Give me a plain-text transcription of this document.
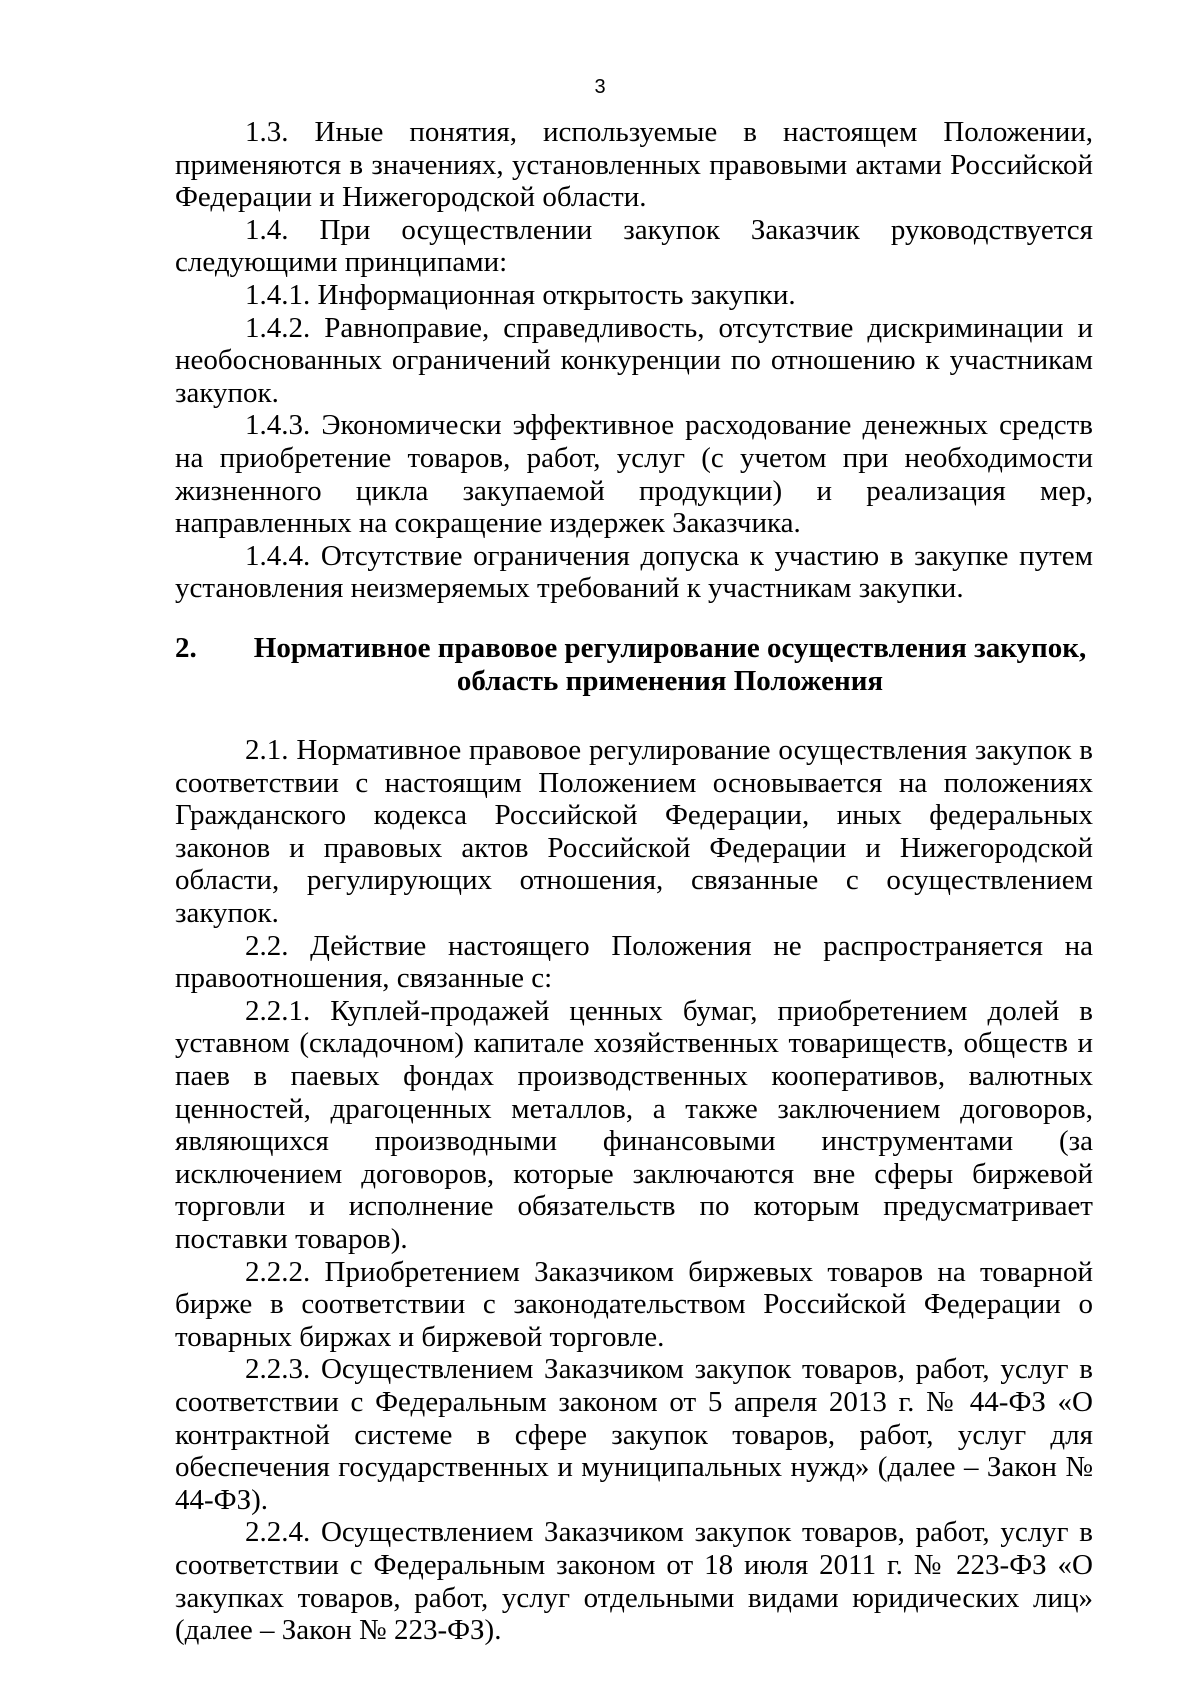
3

1.3. Иные понятия, используемые в настоящем Положении, применяются в значениях, установленных правовыми актами Российской Федерации и Нижегородской области.

1.4. При осуществлении закупок Заказчик руководствуется следующими принципами:

1.4.1. Информационная открытость закупки.

1.4.2. Равноправие, справедливость, отсутствие дискриминации и необоснованных ограничений конкуренции по отношению к участникам закупок.

1.4.3. Экономически эффективное расходование денежных средств на приобретение товаров, работ, услуг (с учетом при необходимости жизненного цикла закупаемой продукции) и реализация мер, направленных на сокращение издержек Заказчика.

1.4.4. Отсутствие ограничения допуска к участию в закупке путем установления неизмеряемых требований к участникам закупки.

2.	Нормативное правовое регулирование осуществления закупок,
область применения Положения

2.1. Нормативное правовое регулирование осуществления закупок в соответствии с настоящим Положением основывается на положениях Гражданского кодекса Российской Федерации, иных федеральных законов и правовых актов Российской Федерации и Нижегородской области, регулирующих отношения, связанные с осуществлением закупок.

2.2. Действие настоящего Положения не распространяется на правоотношения, связанные с:

2.2.1. Куплей-продажей ценных бумаг, приобретением долей в уставном (складочном) капитале хозяйственных товариществ, обществ и паев в паевых фондах производственных кооперативов, валютных ценностей, драгоценных металлов, а также заключением договоров, являющихся производными финансовыми инструментами (за исключением договоров, которые заключаются вне сферы биржевой торговли и исполнение обязательств по которым предусматривает поставки товаров).

2.2.2. Приобретением Заказчиком биржевых товаров на товарной бирже в соответствии с законодательством Российской Федерации о товарных биржах и биржевой торговле.

2.2.3. Осуществлением Заказчиком закупок товаров, работ, услуг в соответствии с Федеральным законом от 5 апреля 2013 г. № 44-ФЗ «О контрактной системе в сфере закупок товаров, работ, услуг для обеспечения государственных и муниципальных нужд» (далее – Закон № 44-ФЗ).

2.2.4. Осуществлением Заказчиком закупок товаров, работ, услуг в соответствии с Федеральным законом от 18 июля 2011 г. № 223-ФЗ «О закупках товаров, работ, услуг отдельными видами юридических лиц» (далее – Закон № 223-ФЗ).
